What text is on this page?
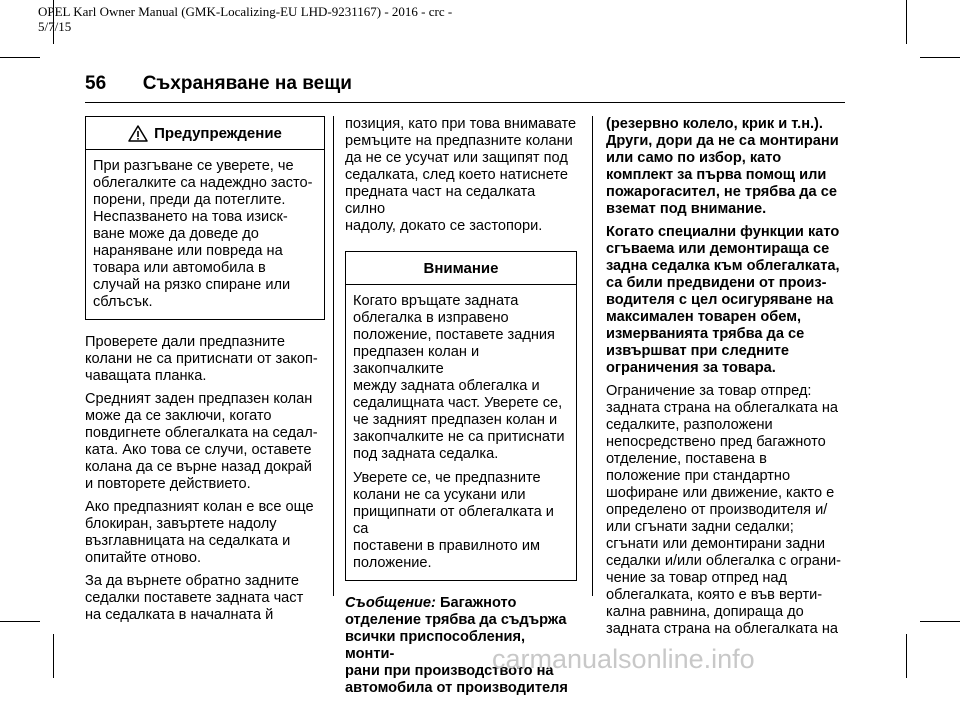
OPEL Karl Owner Manual (GMK-Localizing-EU LHD-9231167) - 2016 - crc -
5/7/15
56 Съхраняване на вещи
Предупреждение

При разгъване се уверете, че
облегалките са надеждно засто-
порени, преди да потеглите.
Неспазването на това изиск-
ване може да доведе до
нараняване или повреда на
товара или автомобила в
случай на рязко спиране или
сблъсък.

Проверете дали предпазните
колани не са притиснати от закоп-
чаващата планка.

Средният заден предпазен колан
може да се заключи, когато
повдигнете облегалката на седал-
ката. Ако това се случи, оставете
колана да се върне назад докрай
и повторете действието.

Ако предпазният колан е все още
блокиран, завъртете надолу
възглавницата на седалката и
опитайте отново.

За да върнете обратно задните
седалки поставете задната част
на седалката в началната й

позиция, като при това внимавате
ремъците на предпазните колани
да не се усучат или защипят под
седалката, след което натиснете
предната част на седалката силно
надолу, докато се застопори.

Внимание

Когато връщате задната
облегалка в изправено
положение, поставете задния
предпазен колан и закопчалките
между задната облегалка и
седалищната част. Уверете се,
че задният предпазен колан и
закопчалките не са притиснати
под задната седалка.

Уверете се, че предпазните
колани не са усукани или
прищипнати от облегалката и са
поставени в правилното им
положение.

Съобщение: Багажното
отделение трябва да съдържа
всички приспособления, монти-
рани при производството на
автомобила от производителя

(резервно колело, крик и т.н.).
Други, дори да не са монтирани
или само по избор, като
комплект за първа помощ или
пожарогасител, не трябва да се
вземат под внимание.

Когато специални функции като
сгъваема или демонтираща се
задна седалка към облегалката,
са били предвидени от произ-
водителя с цел осигуряване на
максимален товарен обем,
измерванията трябва да се
извършват при следните
ограничения за товара.

Ограничение за товар отпред:
задната страна на облегалката на
седалките, разположени
непосредствено пред багажното
отделение, поставена в
положение при стандартно
шофиране или движение, както е
определено от производителя и/
или сгънати задни седалки;
сгънати или демонтирани задни
седалки и/или облегалка с ограни-
чение за товар отпред над
облегалката, която е във верти-
кална равнина, допираща до
задната страна на облегалката на

carmanualsonline.info
